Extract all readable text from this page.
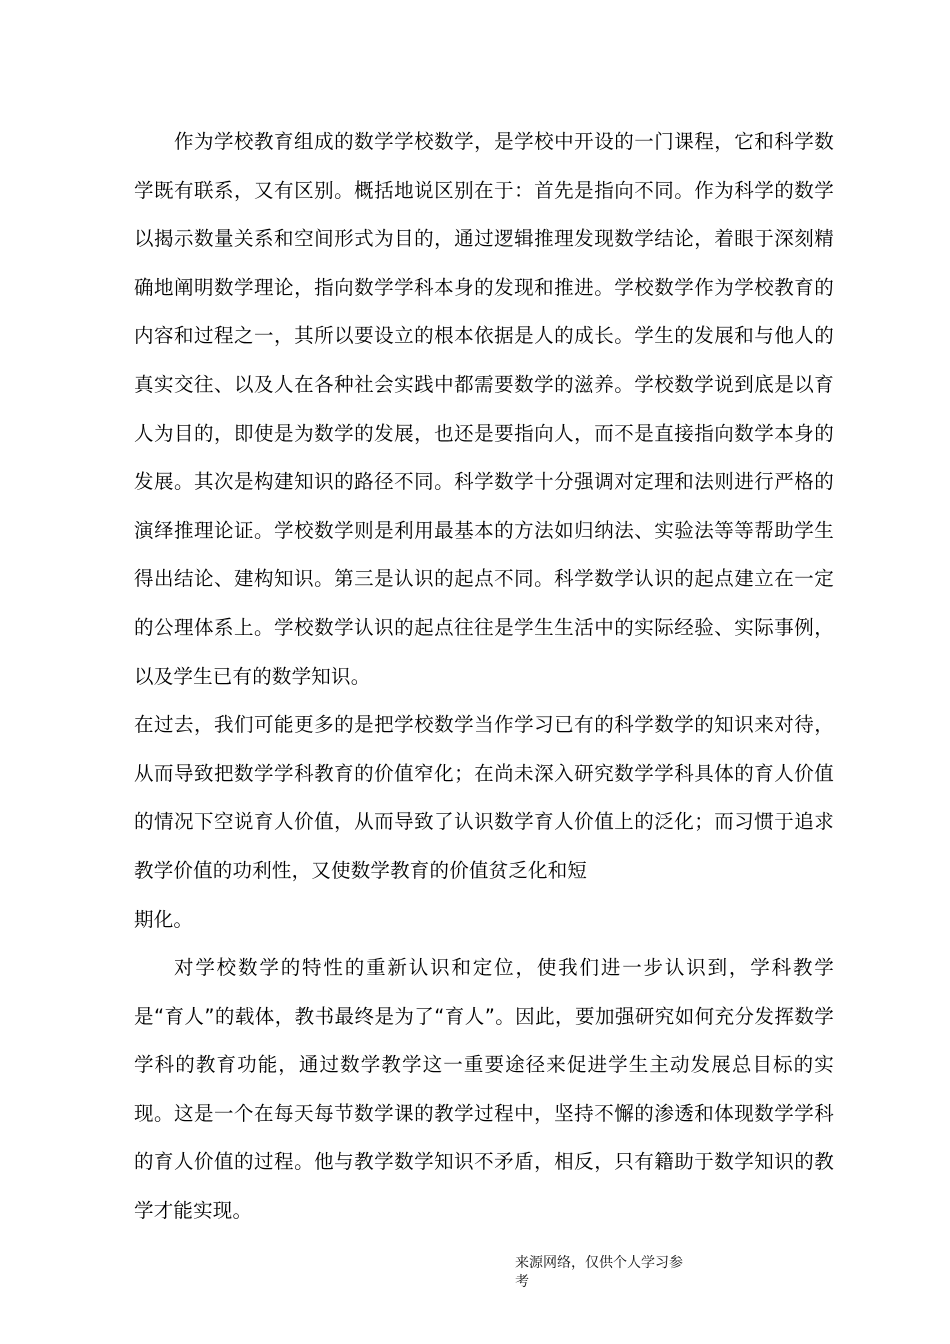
作为学校教育组成的数学学校数学，是学校中开设的一门课程，它和科学数学既有联系，又有区别。概括地说区别在于：首先是指向不同。作为科学的数学以揭示数量关系和空间形式为目的，通过逻辑推理发现数学结论，着眼于深刻精确地阐明数学理论，指向数学学科本身的发现和推进。学校数学作为学校教育的内容和过程之一，其所以要设立的根本依据是人的成长。学生的发展和与他人的真实交往、以及人在各种社会实践中都需要数学的滋养。学校数学说到底是以育人为目的，即使是为数学的发展，也还是要指向人，而不是直接指向数学本身的发展。其次是构建知识的路径不同。科学数学十分强调对定理和法则进行严格的演绎推理论证。学校数学则是利用最基本的方法如归纳法、实验法等等帮助学生得出结论、建构知识。第三是认识的起点不同。科学数学认识的起点建立在一定的公理体系上。学校数学认识的起点往往是学生生活中的实际经验、实际事例，以及学生已有的数学知识。

在过去，我们可能更多的是把学校数学当作学习已有的科学数学的知识来对待，从而导致把数学学科教育的价值窄化；在尚未深入研究数学学科具体的育人价值的情况下空说育人价值，从而导致了认识数学育人价值上的泛化；而习惯于追求教学价值的功利性，又使数学教育的价值贫乏化和短

期化。

对学校数学的特性的重新认识和定位，使我们进一步认识到，学科教学是“育人”的载体，教书最终是为了“育人”。因此，要加强研究如何充分发挥数学学科的教育功能，通过数学教学这一重要途径来促进学生主动发展总目标的实现。这是一个在每天每节数学课的教学过程中，坚持不懈的渗透和体现数学学科的育人价值的过程。他与教学数学知识不矛盾，相反，只有籍助于数学知识的教学才能实现。

来源网络，仅供个人学习参
考
